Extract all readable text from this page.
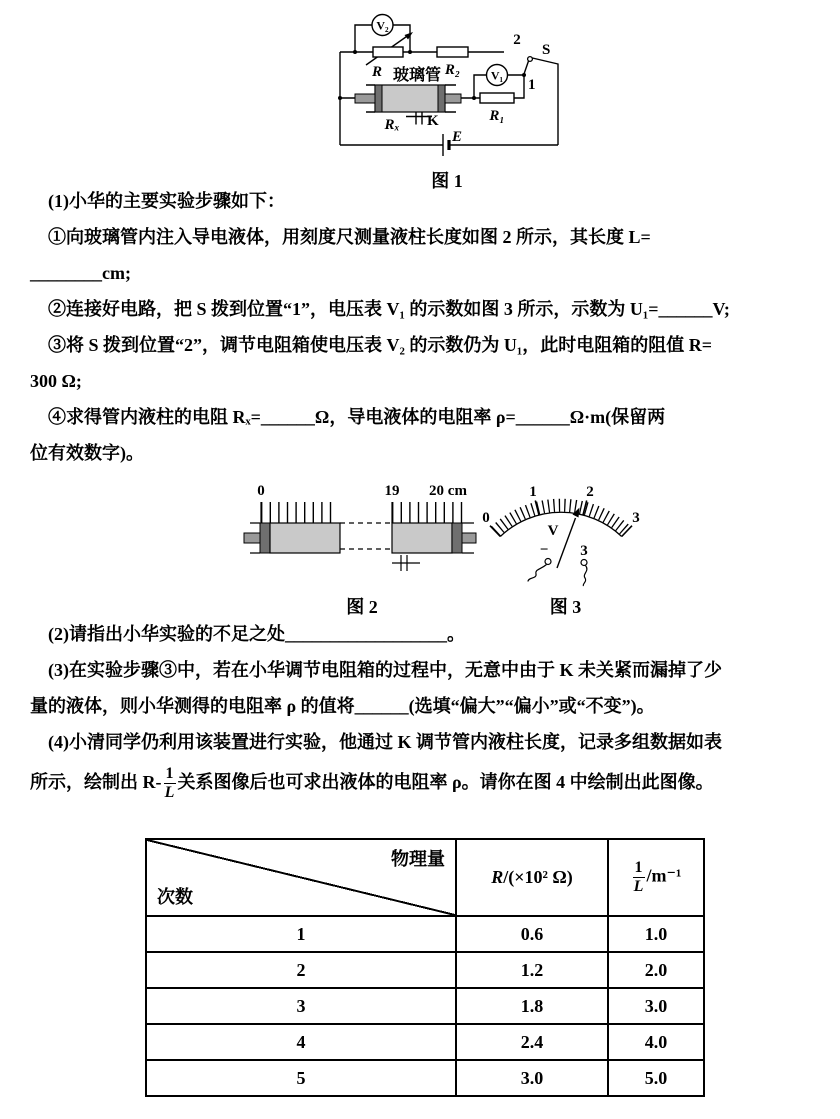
V₂
V₁
R 玻璃管 R₂
2
S
1
R₁
Rₓ K
E
图 1

(1)小华的主要实验步骤如下：

①向玻璃管内注入导电液体，用刻度尺测量液柱长度如图 2 所示，其长度 L=

________cm;

②连接好电路，把 S 拨到位置“1”，电压表 V₁ 的示数如图 3 所示，示数为 U₁=______V;

③将 S 拨到位置“2”，调节电阻箱使电压表 V₂ 的示数仍为 U₁，此时电阻箱的阻值 R=

300 Ω;

④求得管内液柱的电阻 Rₓ=______Ω，导电液体的电阻率 ρ=______Ω·m(保留两

位有效数字)。

0	19 20 cm
0
1	2
3
V
− 3
图 2	图 3

(2)请指出小华实验的不足之处__________________。

(3)在实验步骤③中，若在小华调节电阻箱的过程中，无意中由于 K 未关紧而漏掉了少

量的液体，则小华测得的电阻率 ρ 的值将______(选填“偏大”“偏小”或“不变”)。

(4)小清同学仍利用该装置进行实验，他通过 K 调节管内液柱长度，记录多组数据如表

所示，绘制出 $R- \frac{1}{L}$ 关系图像后也可求出液体的电阻率 ρ。请你在图 4 中绘制出此图像。

物理量
次数	R/(×10² Ω)	$\frac{1}{L} /m^{-1}$
1	0.6	1.0
2	1.2	2.0
3	1.8	3.0
4	2.4	4.0
5	3.0	5.0
